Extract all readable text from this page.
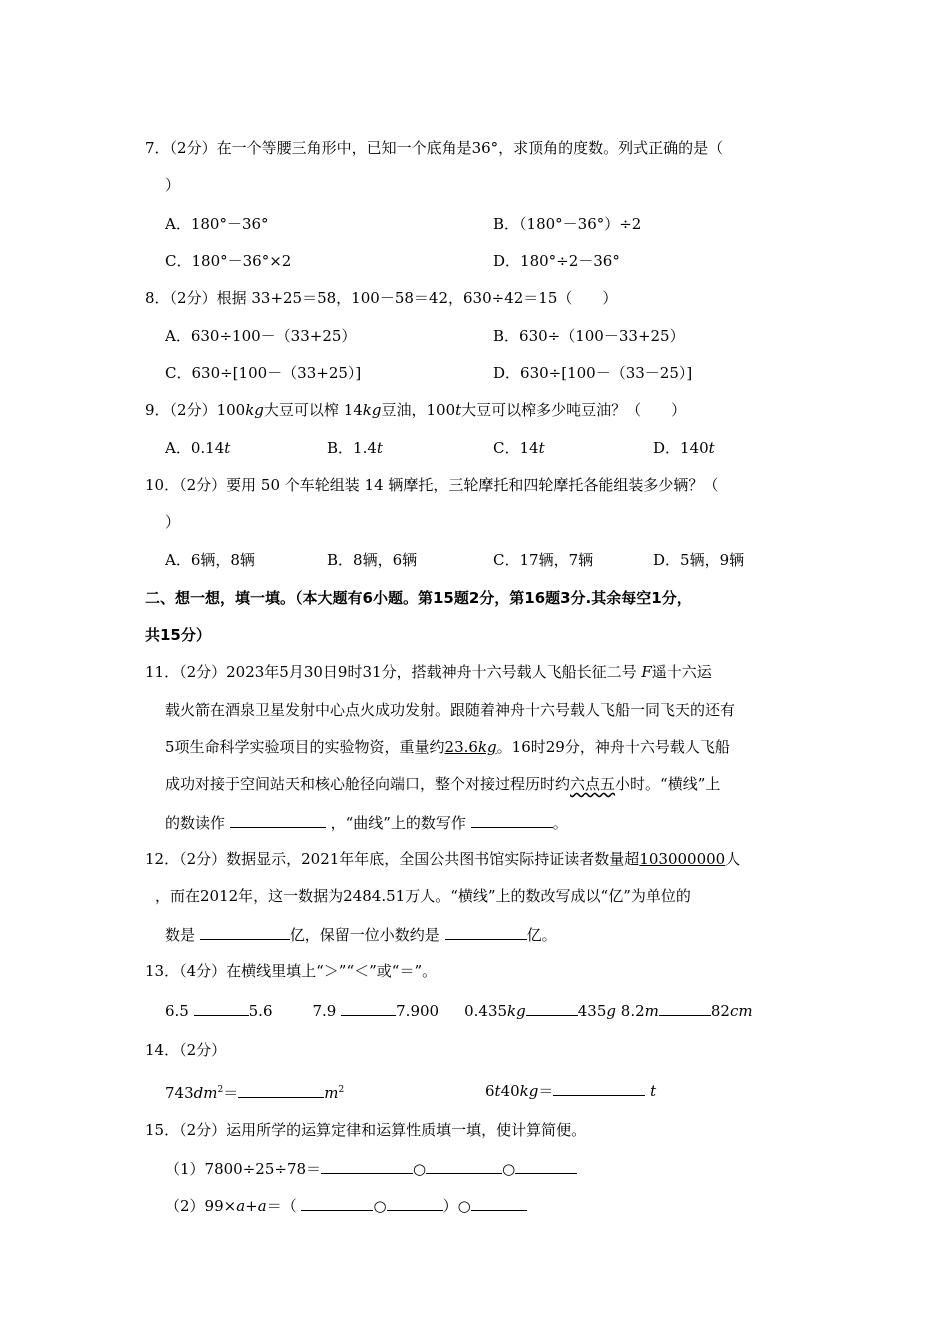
7．（2分）在一个等腰三角形中，已知一个底角是36°，求顶角的度数。列式正确的是（
）
A．180°－36°	B．（180°－36°）÷2
C．180°－36°×2	D．180°÷2－36°
8．（2分）根据 33+25＝58，100－58＝42，630÷42＝15（　　）
A．630÷100－（33+25）	B．630÷（100－33+25）
C．630÷[100－（33+25）]	D．630÷[100－（33－25）]
9．（2分）100kg大豆可以榨 14kg豆油，100t大豆可以榨多少吨豆油？（　　）
A．0.14t	B．1.4t	C．14t	D．140t
10．（2分）要用 50 个车轮组装 14 辆摩托，三轮摩托和四轮摩托各能组装多少辆？（
）
A．6辆，8辆	B．8辆，6辆	C．17辆，7辆	D．5辆，9辆
二、想一想，填一填。（本大题有6小题。第15题2分，第16题3分.其余每空1分，
共15分）
11．（2分）2023年5月30日9时31分，搭载神舟十六号载人飞船长征二号 F遥十六运
载火箭在酒泉卫星发射中心点火成功发射。跟随着神舟十六号载人飞船一同飞天的还有
5项生命科学实验项目的实验物资，重量约23.6kg。16时29分，神舟十六号载人飞船
成功对接于空间站天和核心舱径向端口，整个对接过程历时约六点五小时。“横线”上
的数读作	，“曲线”上的数写作	。
12．（2分）数据显示，2021年年底，全国公共图书馆实际持证读者数量超103000000人
，而在2012年，这一数据为2484.51万人。“横线”上的数改写成以“亿”为单位的
数是	亿，保留一位小数约是	亿。
13．（4分）在横线里填上“＞”“＜”或“＝”。
6.5	5.6	7.9	7.900 0.435kg	435g 8.2m	82cm
14．（2分）
$743dm^2=$	$m^2$	6t40kg＝	t
15．（2分）运用所学的运算定律和运算性质填一填，使计算简便。
（1）7800÷25÷78＝	○	○
（2）99×a+a＝（	○	）○
